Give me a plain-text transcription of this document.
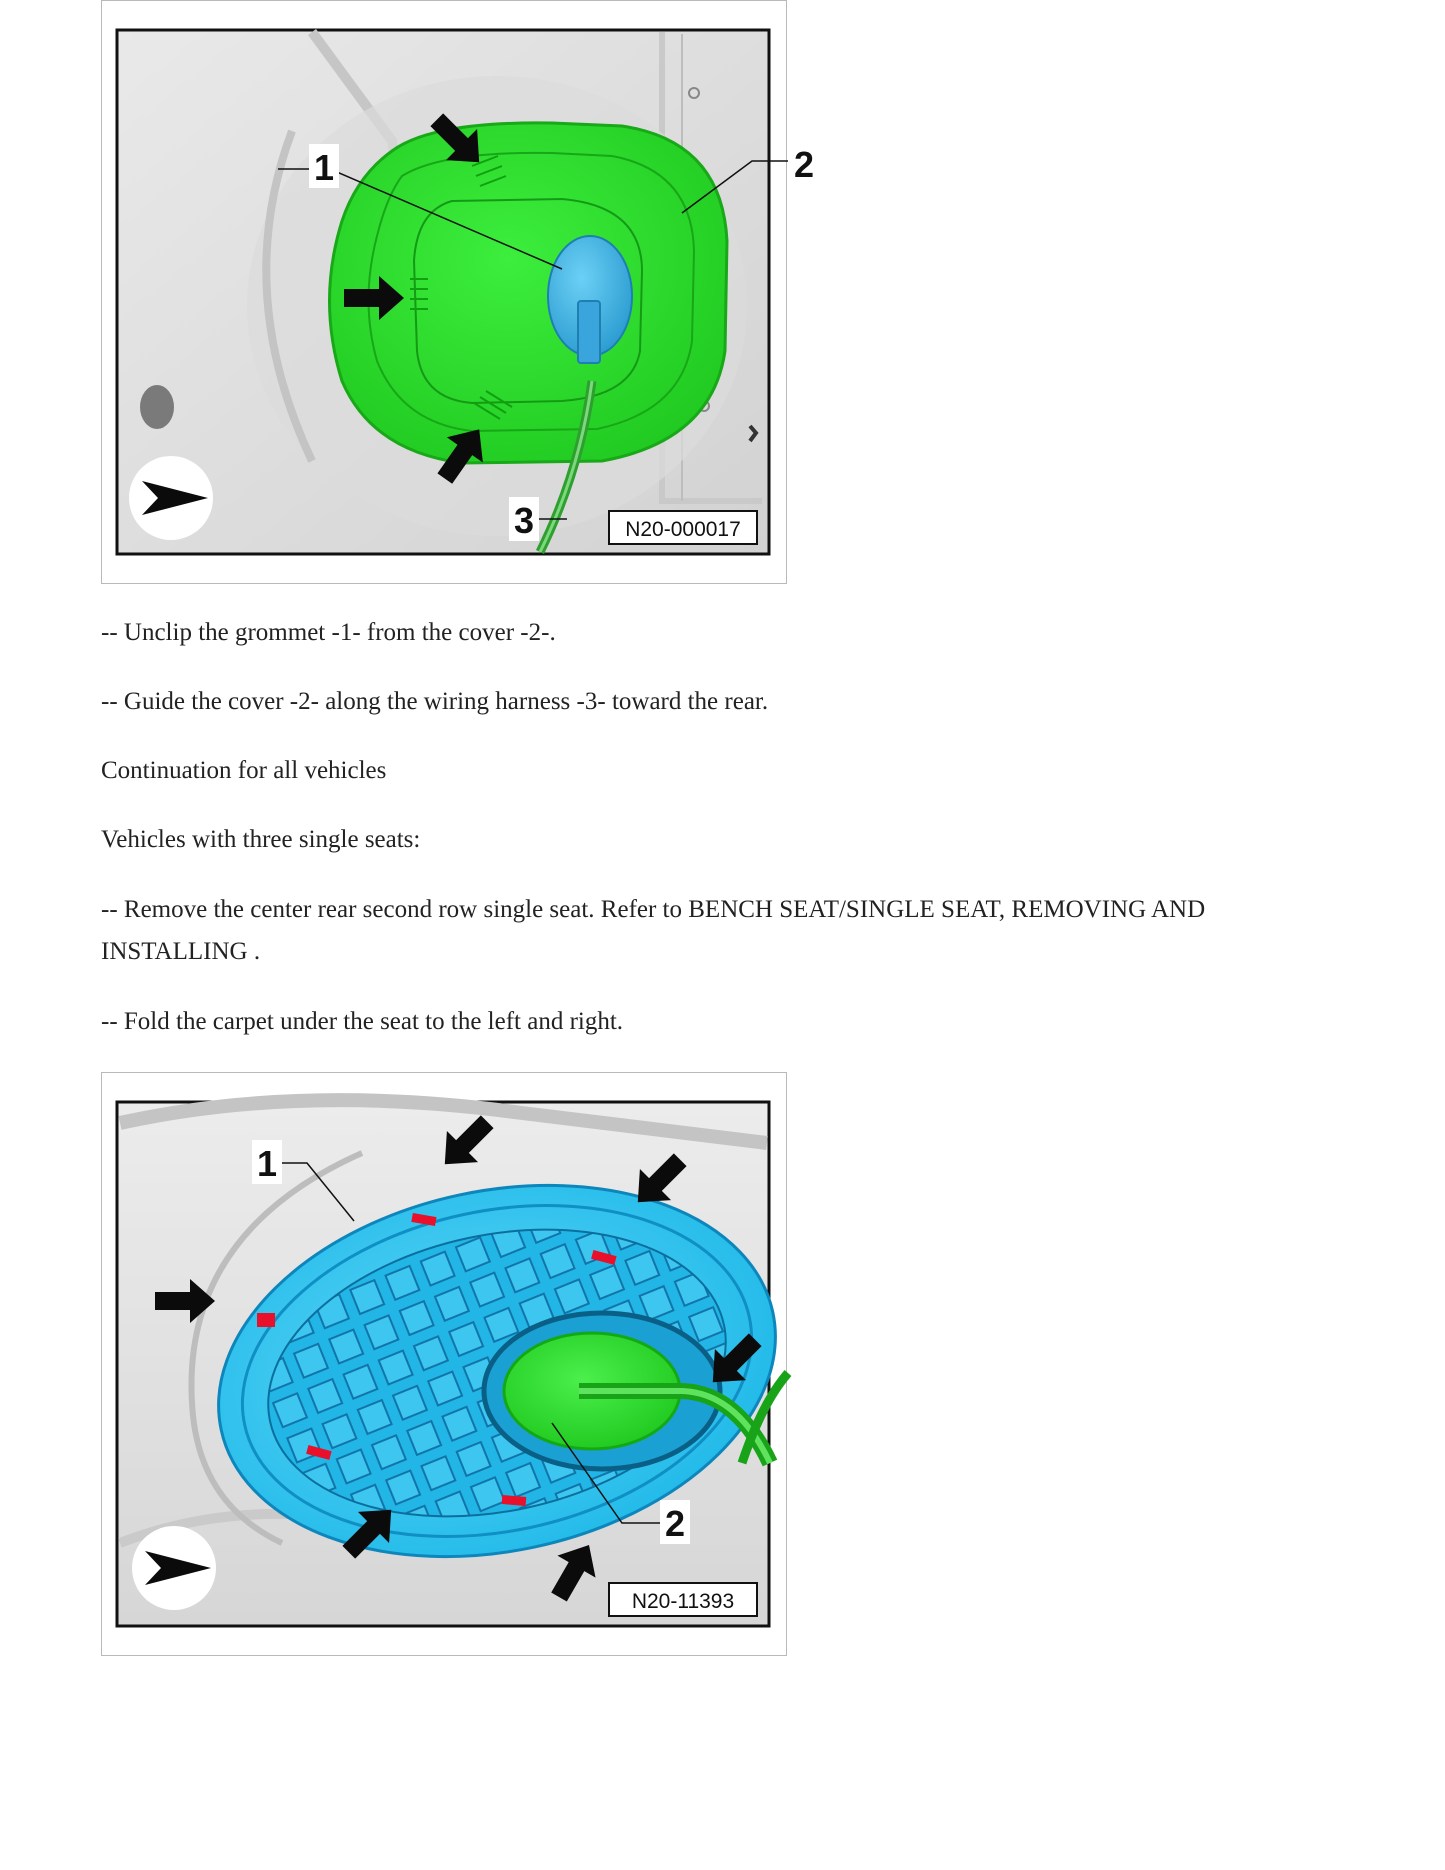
1	2
3	N20-000017

-- Unclip the grommet -1- from the cover -2-.

-- Guide the cover -2- along the wiring harness -3- toward the rear.

Continuation for all vehicles

Vehicles with three single seats:

-- Remove the center rear second row single seat. Refer to BENCH SEAT/SINGLE SEAT, REMOVING AND INSTALLING .

-- Fold the carpet under the seat to the left and right.

1
2
N20-11393
